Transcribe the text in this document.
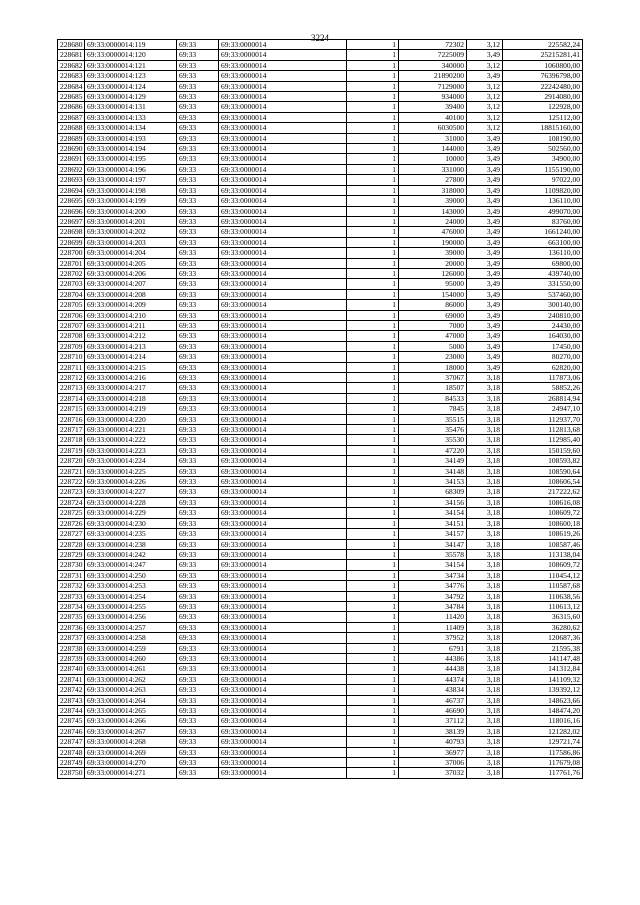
3224
228680	69:33:0000014:119	69:33	69:33:0000014	1	72302	3,12	225582,24
228681	69:33:0000014:120	69:33	69:33:0000014	1	7225009	3,49	25215281,41
228682	69:33:0000014:121	69:33	69:33:0000014	1	340000	3,12	1060800,00
228683	69:33:0000014:123	69:33	69:33:0000014	1	21890200	3,49	76396798,00
228684	69:33:0000014:124	69:33	69:33:0000014	1	7129000	3,12	22242480,00
228685	69:33:0000014:129	69:33	69:33:0000014	1	934000	3,12	2914080,00
228686	69:33:0000014:131	69:33	69:33:0000014	1	39400	3,12	122928,00
228687	69:33:0000014:133	69:33	69:33:0000014	1	40100	3,12	125112,00
228688	69:33:0000014:134	69:33	69:33:0000014	1	6030500	3,12	18815160,00
228689	69:33:0000014:193	69:33	69:33:0000014	1	31000	3,49	108190,00
228690	69:33:0000014:194	69:33	69:33:0000014	1	144000	3,49	502560,00
228691	69:33:0000014:195	69:33	69:33:0000014	1	10000	3,49	34900,00
228692	69:33:0000014:196	69:33	69:33:0000014	1	331000	3,49	1155190,00
228693	69:33:0000014:197	69:33	69:33:0000014	1	27800	3,49	97022,00
228694	69:33:0000014:198	69:33	69:33:0000014	1	318000	3,49	1109820,00
228695	69:33:0000014:199	69:33	69:33:0000014	1	39000	3,49	136110,00
228696	69:33:0000014:200	69:33	69:33:0000014	1	143000	3,49	499070,00
228697	69:33:0000014:201	69:33	69:33:0000014	1	24000	3,49	83760,00
228698	69:33:0000014:202	69:33	69:33:0000014	1	476000	3,49	1661240,00
228699	69:33:0000014:203	69:33	69:33:0000014	1	190000	3,49	663100,00
228700	69:33:0000014:204	69:33	69:33:0000014	1	39000	3,49	136110,00
228701	69:33:0000014:205	69:33	69:33:0000014	1	20000	3,49	69800,00
228702	69:33:0000014:206	69:33	69:33:0000014	1	126000	3,49	439740,00
228703	69:33:0000014:207	69:33	69:33:0000014	1	95000	3,49	331550,00
228704	69:33:0000014:208	69:33	69:33:0000014	1	154000	3,49	537460,00
228705	69:33:0000014:209	69:33	69:33:0000014	1	86000	3,49	300140,00
228706	69:33:0000014:210	69:33	69:33:0000014	1	69000	3,49	240810,00
228707	69:33:0000014:211	69:33	69:33:0000014	1	7000	3,49	24430,00
228708	69:33:0000014:212	69:33	69:33:0000014	1	47000	3,49	164030,00
228709	69:33:0000014:213	69:33	69:33:0000014	1	5000	3,49	17450,00
228710	69:33:0000014:214	69:33	69:33:0000014	1	23000	3,49	80270,00
228711	69:33:0000014:215	69:33	69:33:0000014	1	18000	3,49	62820,00
228712	69:33:0000014:216	69:33	69:33:0000014	1	37067	3,18	117873,06
228713	69:33:0000014:217	69:33	69:33:0000014	1	18507	3,18	58852,26
228714	69:33:0000014:218	69:33	69:33:0000014	1	84533	3,18	268814,94
228715	69:33:0000014:219	69:33	69:33:0000014	1	7845	3,18	24947,10
228716	69:33:0000014:220	69:33	69:33:0000014	1	35515	3,18	112937,70
228717	69:33:0000014:221	69:33	69:33:0000014	1	35476	3,18	112813,68
228718	69:33:0000014:222	69:33	69:33:0000014	1	35530	3,18	112985,40
228719	69:33:0000014:223	69:33	69:33:0000014	1	47220	3,18	150159,60
228720	69:33:0000014:224	69:33	69:33:0000014	1	34149	3,18	108593,82
228721	69:33:0000014:225	69:33	69:33:0000014	1	34148	3,18	108590,64
228722	69:33:0000014:226	69:33	69:33:0000014	1	34153	3,18	108606,54
228723	69:33:0000014:227	69:33	69:33:0000014	1	68309	3,18	217222,62
228724	69:33:0000014:228	69:33	69:33:0000014	1	34156	3,18	108616,08
228725	69:33:0000014:229	69:33	69:33:0000014	1	34154	3,18	108609,72
228726	69:33:0000014:230	69:33	69:33:0000014	1	34151	3,18	108600,18
228727	69:33:0000014:235	69:33	69:33:0000014	1	34157	3,18	108619,26
228728	69:33:0000014:238	69:33	69:33:0000014	1	34147	3,18	108587,46
228729	69:33:0000014:242	69:33	69:33:0000014	1	35578	3,18	113138,04
228730	69:33:0000014:247	69:33	69:33:0000014	1	34154	3,18	108609,72
228731	69:33:0000014:250	69:33	69:33:0000014	1	34734	3,18	110454,12
228732	69:33:0000014:253	69:33	69:33:0000014	1	34776	3,18	110587,68
228733	69:33:0000014:254	69:33	69:33:0000014	1	34792	3,18	110638,56
228734	69:33:0000014:255	69:33	69:33:0000014	1	34784	3,18	110613,12
228735	69:33:0000014:256	69:33	69:33:0000014	1	11420	3,18	36315,60
228736	69:33:0000014:257	69:33	69:33:0000014	1	11409	3,18	36280,62
228737	69:33:0000014:258	69:33	69:33:0000014	1	37952	3,18	120687,36
228738	69:33:0000014:259	69:33	69:33:0000014	1	6791	3,18	21595,38
228739	69:33:0000014:260	69:33	69:33:0000014	1	44386	3,18	141147,48
228740	69:33:0000014:261	69:33	69:33:0000014	1	44438	3,18	141312,84
228741	69:33:0000014:262	69:33	69:33:0000014	1	44374	3,18	141109,32
228742	69:33:0000014:263	69:33	69:33:0000014	1	43834	3,18	139392,12
228743	69:33:0000014:264	69:33	69:33:0000014	1	46737	3,18	148623,66
228744	69:33:0000014:265	69:33	69:33:0000014	1	46690	3,18	148474,20
228745	69:33:0000014:266	69:33	69:33:0000014	1	37112	3,18	118016,16
228746	69:33:0000014:267	69:33	69:33:0000014	1	38139	3,18	121282,02
228747	69:33:0000014:268	69:33	69:33:0000014	1	40793	3,18	129721,74
228748	69:33:0000014:269	69:33	69:33:0000014	1	36977	3,18	117586,86
228749	69:33:0000014:270	69:33	69:33:0000014	1	37006	3,18	117679,08
228750	69:33:0000014:271	69:33	69:33:0000014	1	37032	3,18	117761,76
